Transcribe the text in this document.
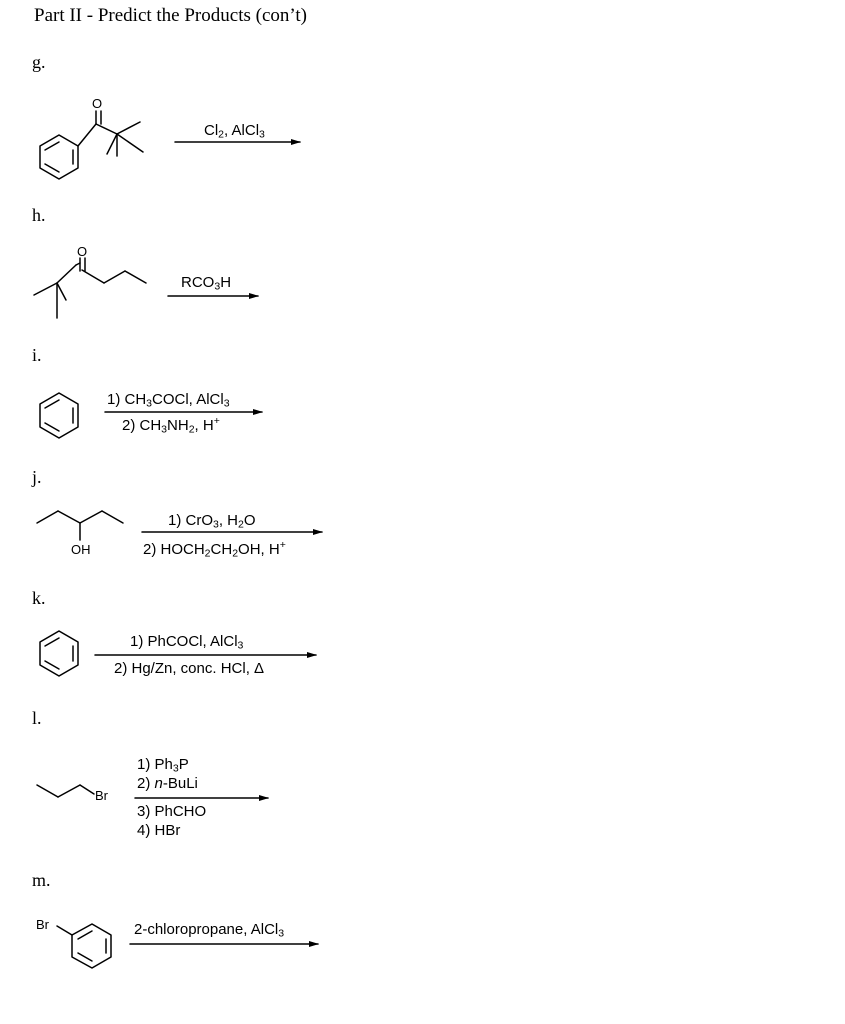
Part II - Predict the Products (con’t)
g.
h.
i.
j.
k.
l.
m.
O
O
OH
Br
Br
$Cl_2$, AlCl$_3$
$RCO_3H$
1) $CH_3COCl$, AlCl$_3$
2) $CH_3NH_2$, H+
1) CrO$_3$, $H_2O$
2) $HOCH_2CH_2OH$, H+
1) PhCOCl, AlCl$_3$
2) Hg/Zn, conc. HCl, Δ
1) $Ph_3P$
2) n-BuLi
3) PhCHO
4) HBr
2-chloropropane, AlCl$_3$
